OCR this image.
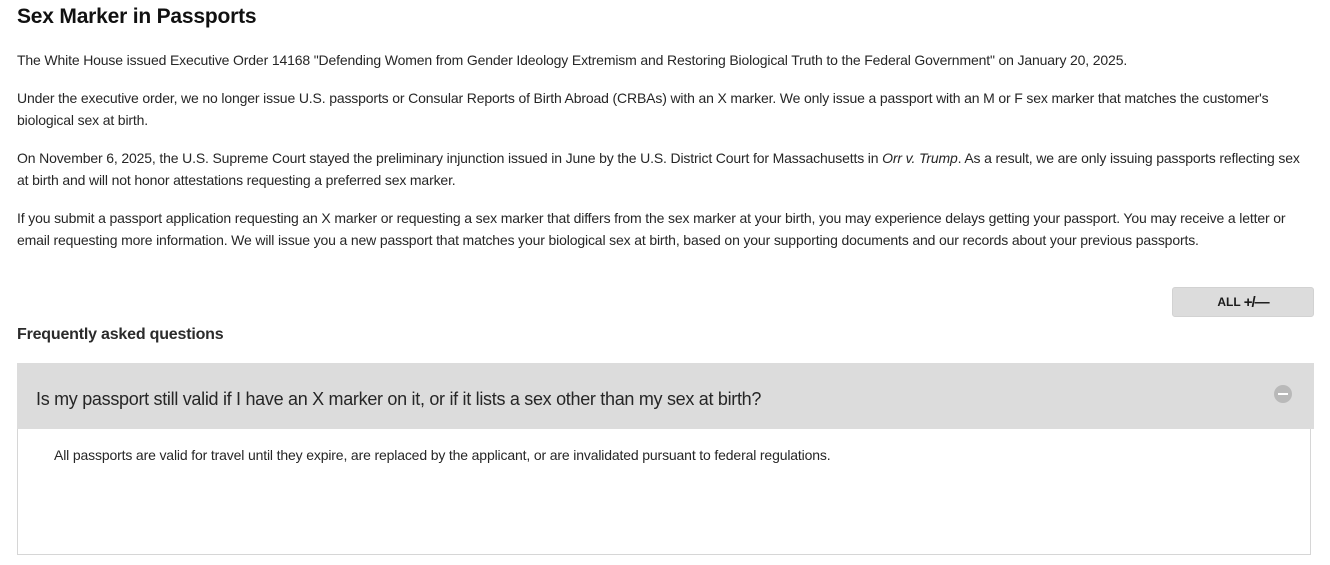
Sex Marker in Passports

The White House issued Executive Order 14168 "Defending Women from Gender Ideology Extremism and Restoring Biological Truth to the Federal Government" on January 20, 2025.

Under the executive order, we no longer issue U.S. passports or Consular Reports of Birth Abroad (CRBAs) with an X marker. We only issue a passport with an M or F sex marker that matches the customer's biological sex at birth.

On November 6, 2025, the U.S. Supreme Court stayed the preliminary injunction issued in June by the U.S. District Court for Massachusetts in Orr v. Trump. As a result, we are only issuing passports reflecting sex at birth and will not honor attestations requesting a preferred sex marker.

If you submit a passport application requesting an X marker or requesting a sex marker that differs from the sex marker at your birth, you may experience delays getting your passport. You may receive a letter or email requesting more information. We will issue you a new passport that matches your biological sex at birth, based on your supporting documents and our records about your previous passports.

ALL +/—
Frequently asked questions
Is my passport still valid if I have an X marker on it, or if it lists a sex other than my sex at birth?

All passports are valid for travel until they expire, are replaced by the applicant, or are invalidated pursuant to federal regulations.
